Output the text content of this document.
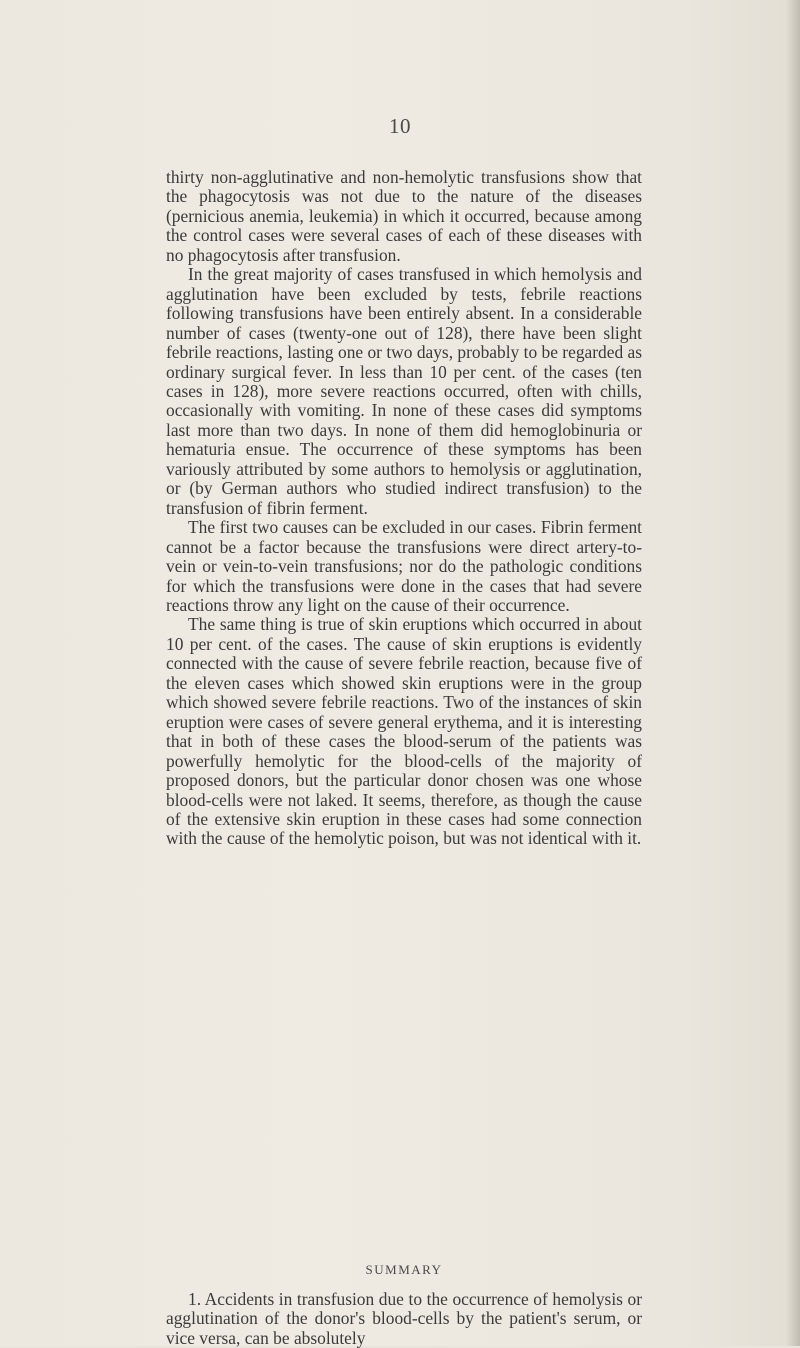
10

thirty non-agglutinative and non-hemolytic transfusions show that the phagocytosis was not due to the nature of the diseases (pernicious anemia, leukemia) in which it occurred, because among the control cases were several cases of each of these diseases with no phagocytosis after transfusion.

In the great majority of cases transfused in which hemolysis and agglutination have been excluded by tests, febrile reactions following transfusions have been entirely absent. In a considerable number of cases (twenty-one out of 128), there have been slight febrile reactions, lasting one or two days, probably to be regarded as ordinary surgical fever. In less than 10 per cent. of the cases (ten cases in 128), more severe reactions occurred, often with chills, occasionally with vomiting. In none of these cases did symptoms last more than two days. In none of them did hemoglobinuria or hematuria ensue. The occurrence of these symptoms has been variously attributed by some authors to hemolysis or agglutination, or (by German authors who studied indirect transfusion) to the transfusion of fibrin ferment.

The first two causes can be excluded in our cases. Fibrin ferment cannot be a factor because the transfusions were direct artery-to-vein or vein-to-vein transfusions; nor do the pathologic conditions for which the transfusions were done in the cases that had severe reactions throw any light on the cause of their occurrence.

The same thing is true of skin eruptions which occurred in about 10 per cent. of the cases. The cause of skin eruptions is evidently connected with the cause of severe febrile reaction, because five of the eleven cases which showed skin eruptions were in the group which showed severe febrile reactions. Two of the instances of skin eruption were cases of severe general erythema, and it is interesting that in both of these cases the blood-serum of the patients was powerfully hemolytic for the blood-cells of the majority of proposed donors, but the particular donor chosen was one whose blood-cells were not laked. It seems, therefore, as though the cause of the extensive skin eruption in these cases had some connection with the cause of the hemolytic poison, but was not identical with it.

SUMMARY

1. Accidents in transfusion due to the occurrence of hemolysis or agglutination of the donor's blood-cells by the patient's serum, or vice versa, can be absolutely
